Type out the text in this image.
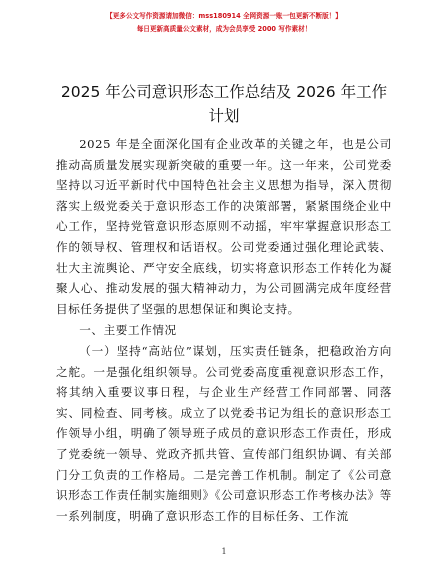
【更多公文写作资源请加微信：mss180914 全网资源一账一包更新不断版！】
每日更新高质量公文素材，成为会员享受 2000 写作素材！
2025 年公司意识形态工作总结及 2026 年工作计划

2025 年是全面深化国有企业改革的关键之年，也是公司推动高质量发展实现新突破的重要一年。这一年来，公司党委坚持以习近平新时代中国特色社会主义思想为指导，深入贯彻落实上级党委关于意识形态工作的决策部署，紧紧围绕企业中心工作，坚持党管意识形态原则不动摇，牢牢掌握意识形态工作的领导权、管理权和话语权。公司党委通过强化理论武装、壮大主流舆论、严守安全底线，切实将意识形态工作转化为凝聚人心、推动发展的强大精神动力，为公司圆满完成年度经营目标任务提供了坚强的思想保证和舆论支持。

一、主要工作情况

（一）坚持“高站位”谋划，压实责任链条，把稳政治方向之舵。一是强化组织领导。公司党委高度重视意识形态工作，将其纳入重要议事日程，与企业生产经营工作同部署、同落实、同检查、同考核。成立了以党委书记为组长的意识形态工作领导小组，明确了领导班子成员的意识形态工作责任，形成了党委统一领导、党政齐抓共管、宣传部门组织协调、有关部门分工负责的工作格局。二是完善工作机制。制定了《公司意识形态工作责任制实施细则》《公司意识形态工作考核办法》等一系列制度，明确了意识形态工作的目标任务、工作流

1
